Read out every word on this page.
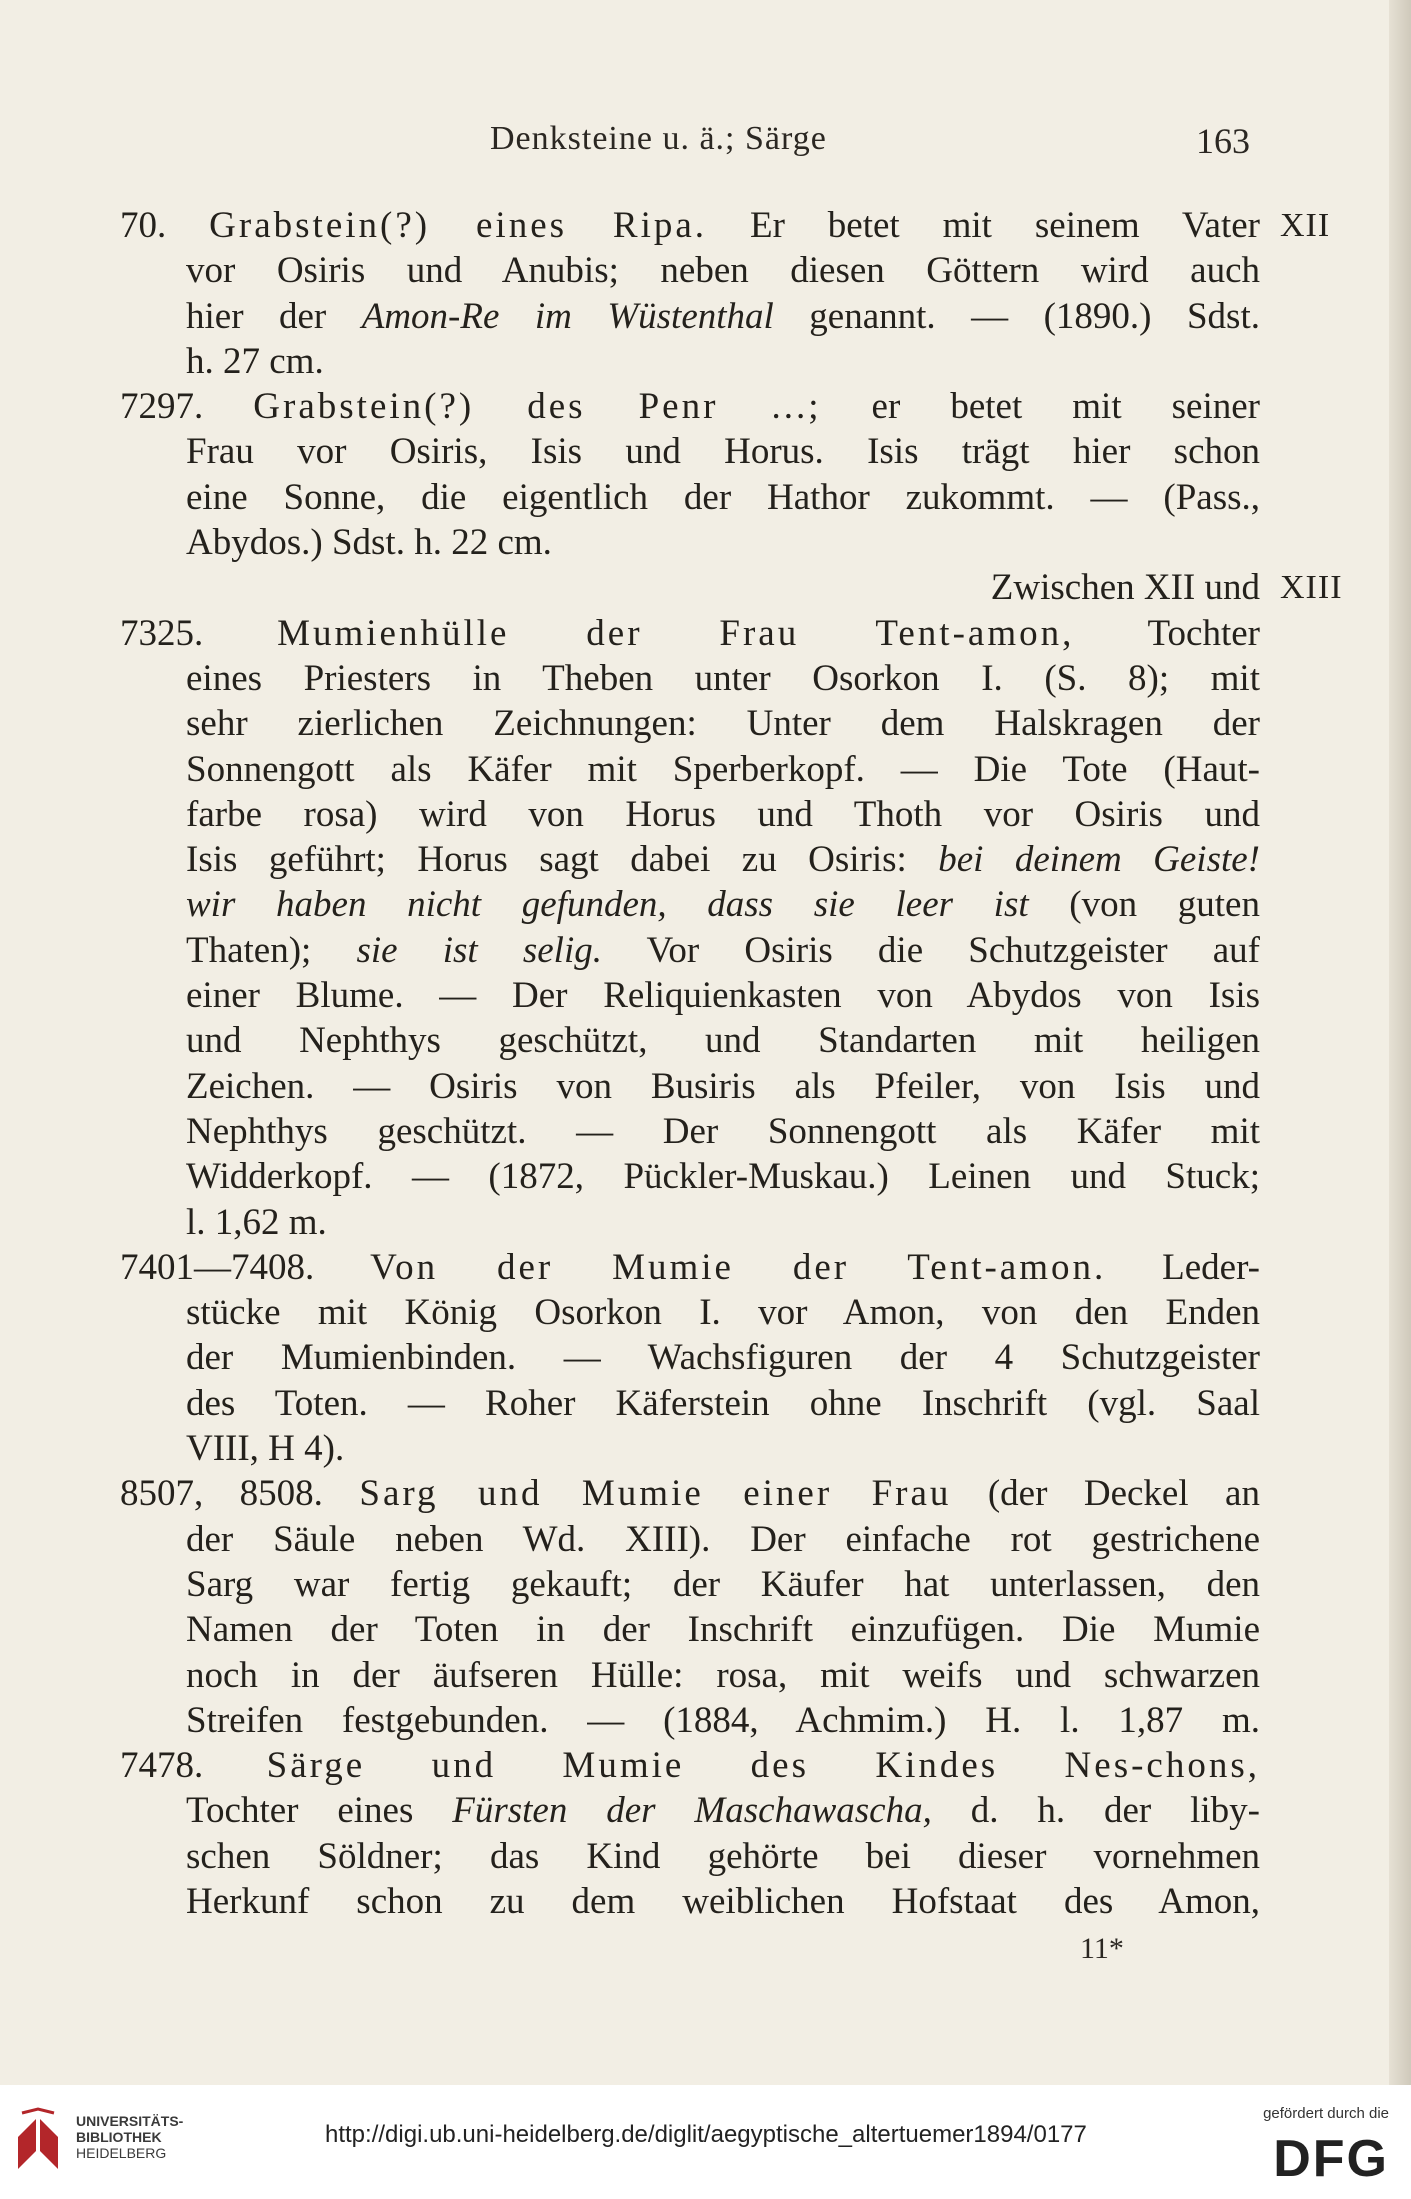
Denksteine u. ä.; Särge	163
70. Grabstein(?) eines Ripa. Er betet mit seinem Vater
vor Osiris und Anubis; neben diesen Göttern wird auch
hier der Amon-Re im Wüstenthal genannt. — (1890.) Sdst.
h. 27 cm.
7297. Grabstein(?) des Penr ...; er betet mit seiner
Frau vor Osiris, Isis und Horus. Isis trägt hier schon
eine Sonne, die eigentlich der Hathor zukommt. — (Pass.,
Abydos.) Sdst. h. 22 cm.
Zwischen XII und
7325. Mumienhülle der Frau Tent-amon, Tochter
eines Priesters in Theben unter Osorkon I. (S. 8); mit
sehr zierlichen Zeichnungen: Unter dem Halskragen der
Sonnengott als Käfer mit Sperberkopf. — Die Tote (Haut-
farbe rosa) wird von Horus und Thoth vor Osiris und
Isis geführt; Horus sagt dabei zu Osiris: bei deinem Geiste!
wir haben nicht gefunden, dass sie leer ist (von guten
Thaten); sie ist selig. Vor Osiris die Schutzgeister auf
einer Blume. — Der Reliquienkasten von Abydos von Isis
und Nephthys geschützt, und Standarten mit heiligen
Zeichen. — Osiris von Busiris als Pfeiler, von Isis und
Nephthys geschützt. — Der Sonnengott als Käfer mit
Widderkopf. — (1872, Pückler-Muskau.) Leinen und Stuck;
l. 1,62 m.
7401—7408. Von der Mumie der Tent-amon. Leder-
stücke mit König Osorkon I. vor Amon, von den Enden
der Mumienbinden. — Wachsfiguren der 4 Schutzgeister
des Toten. — Roher Käferstein ohne Inschrift (vgl. Saal
VIII, H 4).
8507, 8508. Sarg und Mumie einer Frau (der Deckel an
der Säule neben Wd. XIII). Der einfache rot gestrichene
Sarg war fertig gekauft; der Käufer hat unterlassen, den
Namen der Toten in der Inschrift einzufügen. Die Mumie
noch in der äufseren Hülle: rosa, mit weifs und schwarzen
Streifen festgebunden. — (1884, Achmim.) H. l. 1,87 m.
7478. Särge und Mumie des Kindes Nes-chons,
Tochter eines Fürsten der Maschawascha, d. h. der liby-
schen Söldner; das Kind gehörte bei dieser vornehmen
Herkunf schon zu dem weiblichen Hofstaat des Amon,
11*
XII
XIII
UNIVERSITÄTS-
BIBLIOTHEK
HEIDELBERG
http://digi.ub.uni-heidelberg.de/diglit/aegyptische_altertuemer1894/0177
gefördert durch die
DFG
